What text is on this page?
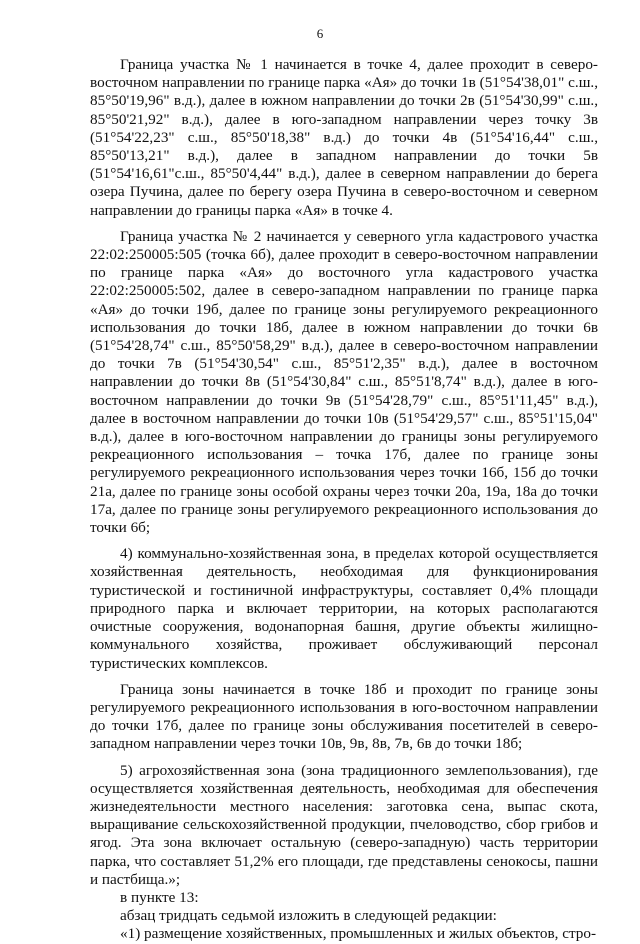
6

Граница участка № 1 начинается в точке 4, далее проходит в северо-восточном направлении по границе парка «Ая» до точки 1в (51°54'38,01" с.ш., 85°50'19,96" в.д.), далее в южном направлении до точки 2в (51°54'30,99" с.ш., 85°50'21,92" в.д.), далее в юго-западном направлении через точку 3в (51°54'22,23" с.ш., 85°50'18,38" в.д.) до точки 4в (51°54'16,44" с.ш., 85°50'13,21" в.д.), далее в западном направлении до точки 5в (51°54'16,61"с.ш., 85°50'4,44" в.д.), далее в северном направлении до берега озера Пучина, далее по берегу озера Пучина в северо-восточном и северном направлении до границы парка «Ая» в точке 4.

Граница участка № 2 начинается у северного угла кадастрового участка 22:02:250005:505 (точка 6б), далее проходит в северо-восточном направлении по границе парка «Ая» до восточного угла кадастрового участка 22:02:250005:502, далее в северо-западном направлении по границе парка «Ая» до точки 19б, далее по границе зоны регулируемого рекреационного использования до точки 18б, далее в южном направлении до точки 6в (51°54'28,74" с.ш., 85°50'58,29" в.д.), далее в северо-восточном направлении до точки 7в (51°54'30,54" с.ш., 85°51'2,35" в.д.), далее в восточном направлении до точки 8в (51°54'30,84" с.ш., 85°51'8,74" в.д.), далее в юго-восточном направлении до точки 9в (51°54'28,79" с.ш., 85°51'11,45" в.д.), далее в восточном направлении до точки 10в (51°54'29,57" с.ш., 85°51'15,04" в.д.), далее в юго-восточном направлении до границы зоны регулируемого рекреационного использования – точка 17б, далее по границе зоны регулируемого рекреационного использования через точки 16б, 15б до точки 21а, далее по границе зоны особой охраны через точки 20а, 19а, 18а до точки 17а, далее по границе зоны регулируемого рекреационного использования до точки 6б;

4) коммунально-хозяйственная зона, в пределах которой осуществляется хозяйственная деятельность, необходимая для функционирования туристической и гостиничной инфраструктуры, составляет 0,4% площади природного парка и включает территории, на которых располагаются очистные сооружения, водонапорная башня, другие объекты жилищно-коммунального хозяйства, проживает обслуживающий персонал туристических комплексов.

Граница зоны начинается в точке 18б и проходит по границе зоны регулируемого рекреационного использования в юго-восточном направлении до точки 17б, далее по границе зоны обслуживания посетителей в северо-западном направлении через точки 10в, 9в, 8в, 7в, 6в до точки 18б;

5) агрохозяйственная зона (зона традиционного землепользования), где осуществляется хозяйственная деятельность, необходимая для обеспечения жизнедеятельности местного населения: заготовка сена, выпас скота, выращивание сельскохозяйственной продукции, пчеловодство, сбор грибов и ягод. Эта зона включает остальную (северо-западную) часть территории парка, что составляет 51,2% его площади, где представлены сенокосы, пашни и пастбища.»;

в пункте 13:

абзац тридцать седьмой изложить в следующей редакции:

«1) размещение хозяйственных, промышленных и жилых объектов, стро-
